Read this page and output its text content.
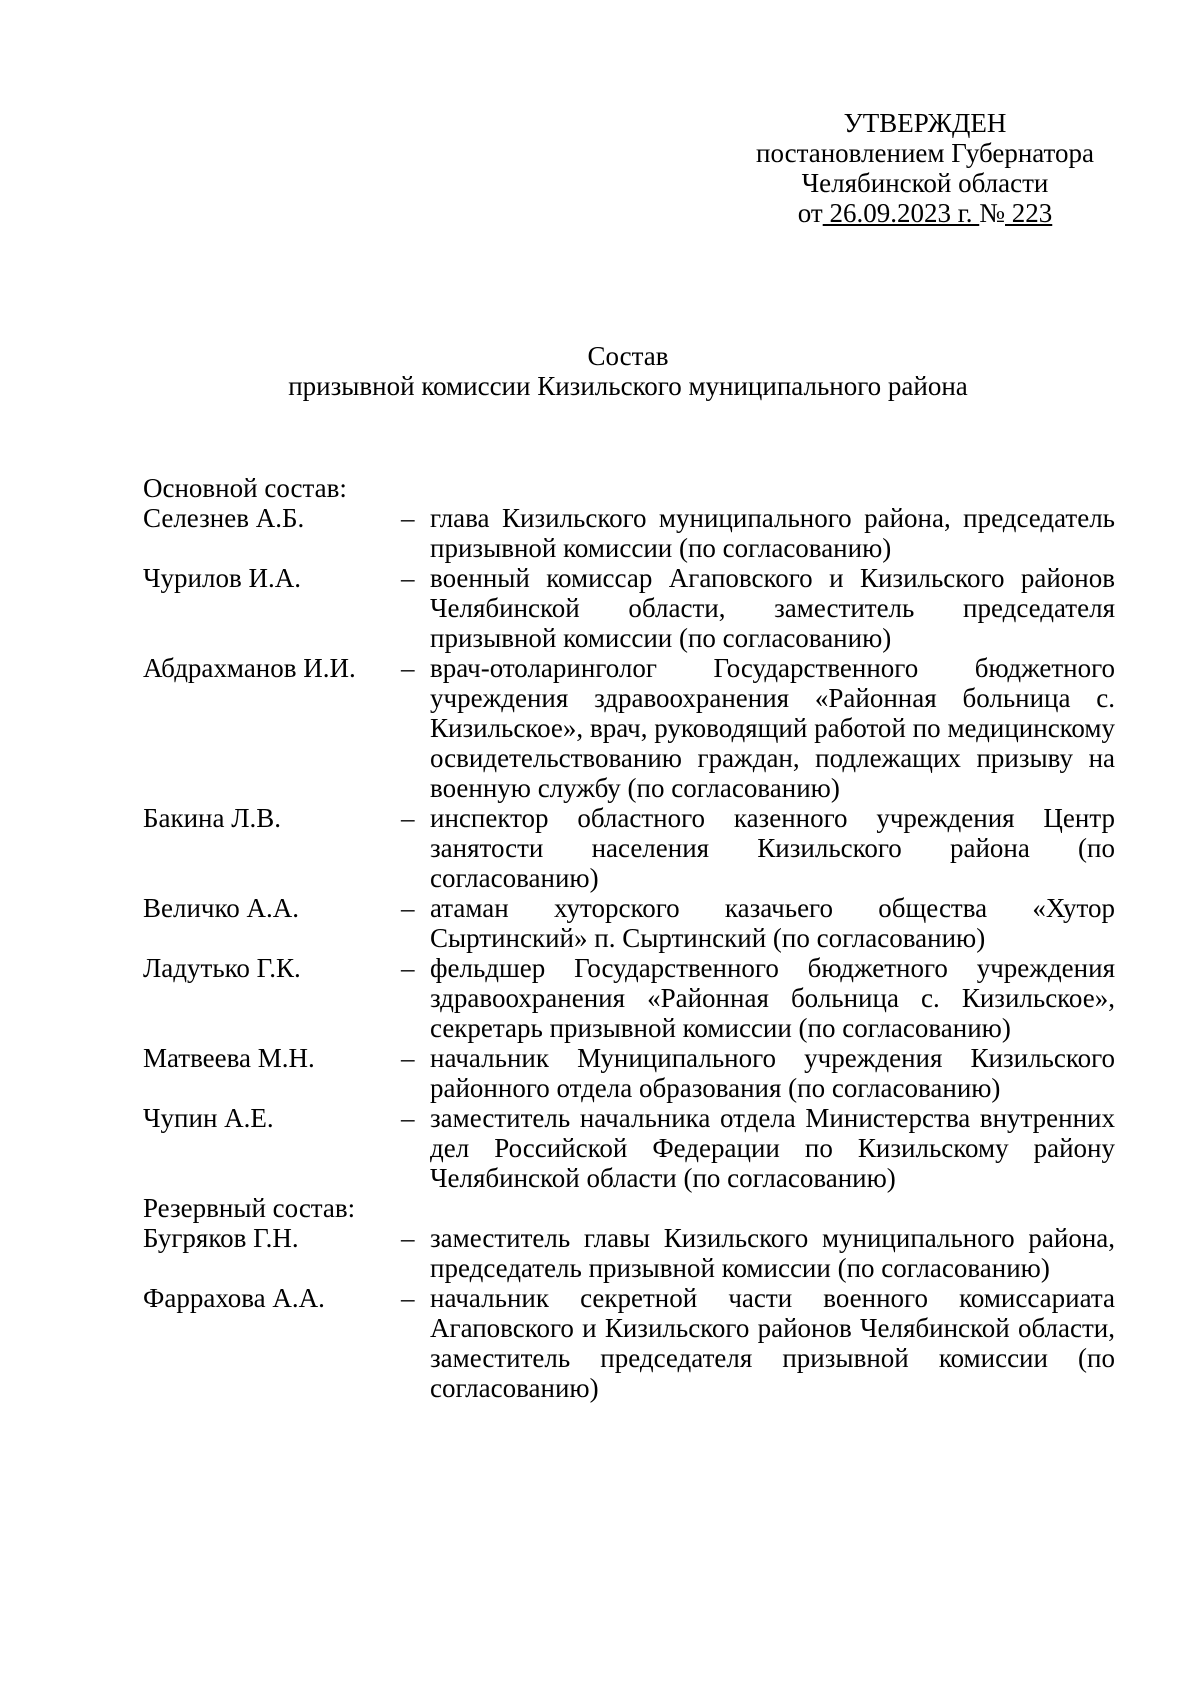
УТВЕРЖДЕН
постановлением Губернатора
Челябинской области
от 26.09.2023 г. № 223
Состав
призывной комиссии Кизильского муниципального района
Основной состав:
Селезнев А.Б.	– глава Кизильского муниципального района, председатель призывной комиссии (по согласованию)
Чурилов И.А.	– военный комиссар Агаповского и Кизильского районов Челябинской области, заместитель председателя призывной комиссии (по согласованию)
Абдрахманов И.И.	– врач-отоларинголог Государственного бюджетного учреждения здравоохранения «Районная больница с. Кизильское», врач, руководящий работой по медицинскому освидетельствованию граждан, подлежащих призыву на военную службу (по согласованию)
Бакина Л.В.	– инспектор областного казенного учреждения Центр занятости населения Кизильского района (по согласованию)
Величко А.А.	– атаман хуторского казачьего общества «Хутор Сыртинский» п. Сыртинский (по согласованию)
Ладутько Г.К.	– фельдшер Государственного бюджетного учреждения здравоохранения «Районная больница с. Кизильское», секретарь призывной комиссии (по согласованию)
Матвеева М.Н.	– начальник Муниципального учреждения Кизильского районного отдела образования (по согласованию)
Чупин А.Е.	– заместитель начальника отдела Министерства внутренних дел Российской Федерации по Кизильскому району Челябинской области (по согласованию)
Резервный состав:
Бугряков Г.Н.	– заместитель главы Кизильского муниципального района, председатель призывной комиссии (по согласованию)
Фаррахова А.А.	– начальник секретной части военного комиссариата Агаповского и Кизильского районов Челябинской области, заместитель председателя призывной комиссии (по согласованию)
